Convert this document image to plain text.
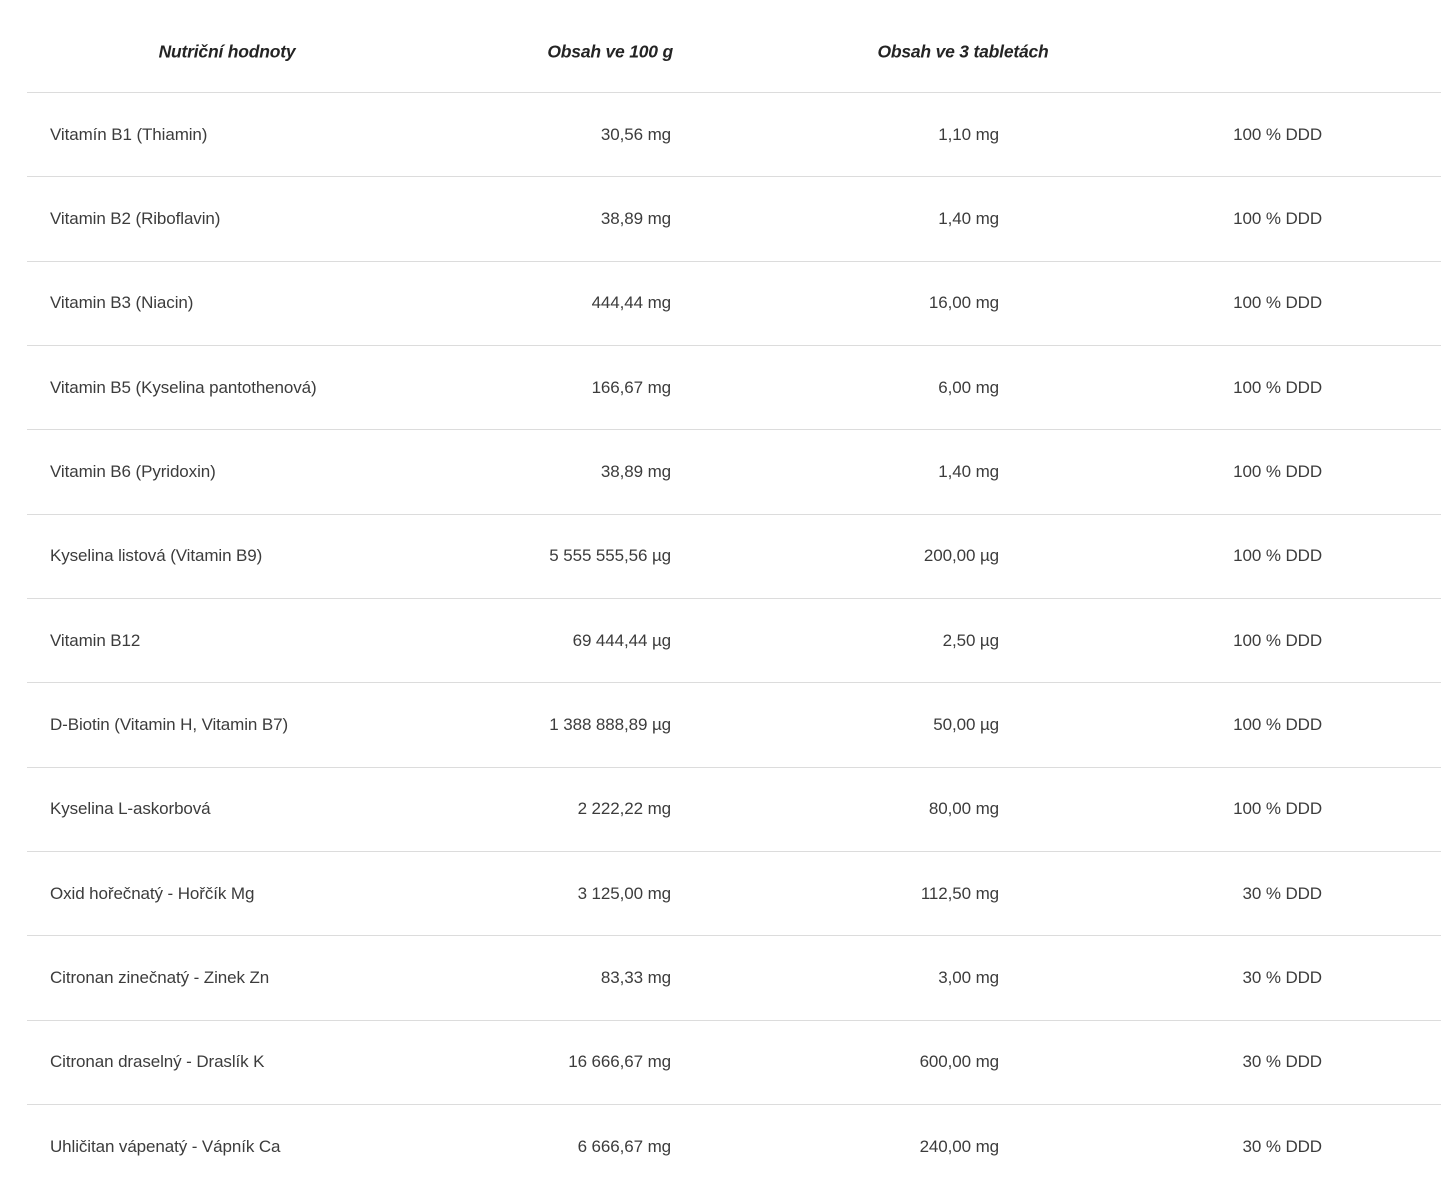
Nutriční hodnoty	Obsah ve 100 g	Obsah ve 3 tabletách
Vitamín B1 (Thiamin)	30,56 mg	1,10 mg	100 % DDD
Vitamin B2 (Riboflavin)	38,89 mg	1,40 mg	100 % DDD
Vitamin B3 (Niacin)	444,44 mg	16,00 mg	100 % DDD
Vitamin B5 (Kyselina pantothenová)	166,67 mg	6,00 mg	100 % DDD
Vitamin B6 (Pyridoxin)	38,89 mg	1,40 mg	100 % DDD
Kyselina listová (Vitamin B9)	5 555 555,56 µg	200,00 µg	100 % DDD
Vitamin B12	69 444,44 µg	2,50 µg	100 % DDD
D-Biotin (Vitamin H, Vitamin B7)	1 388 888,89 µg	50,00 µg	100 % DDD
Kyselina L-askorbová	2 222,22 mg	80,00 mg	100 % DDD
Oxid hořečnatý - Hořčík Mg	3 125,00 mg	112,50 mg	30 % DDD
Citronan zinečnatý - Zinek Zn	83,33 mg	3,00 mg	30 % DDD
Citronan draselný - Draslík K	16 666,67 mg	600,00 mg	30 % DDD
Uhličitan vápenatý - Vápník Ca	6 666,67 mg	240,00 mg	30 % DDD
